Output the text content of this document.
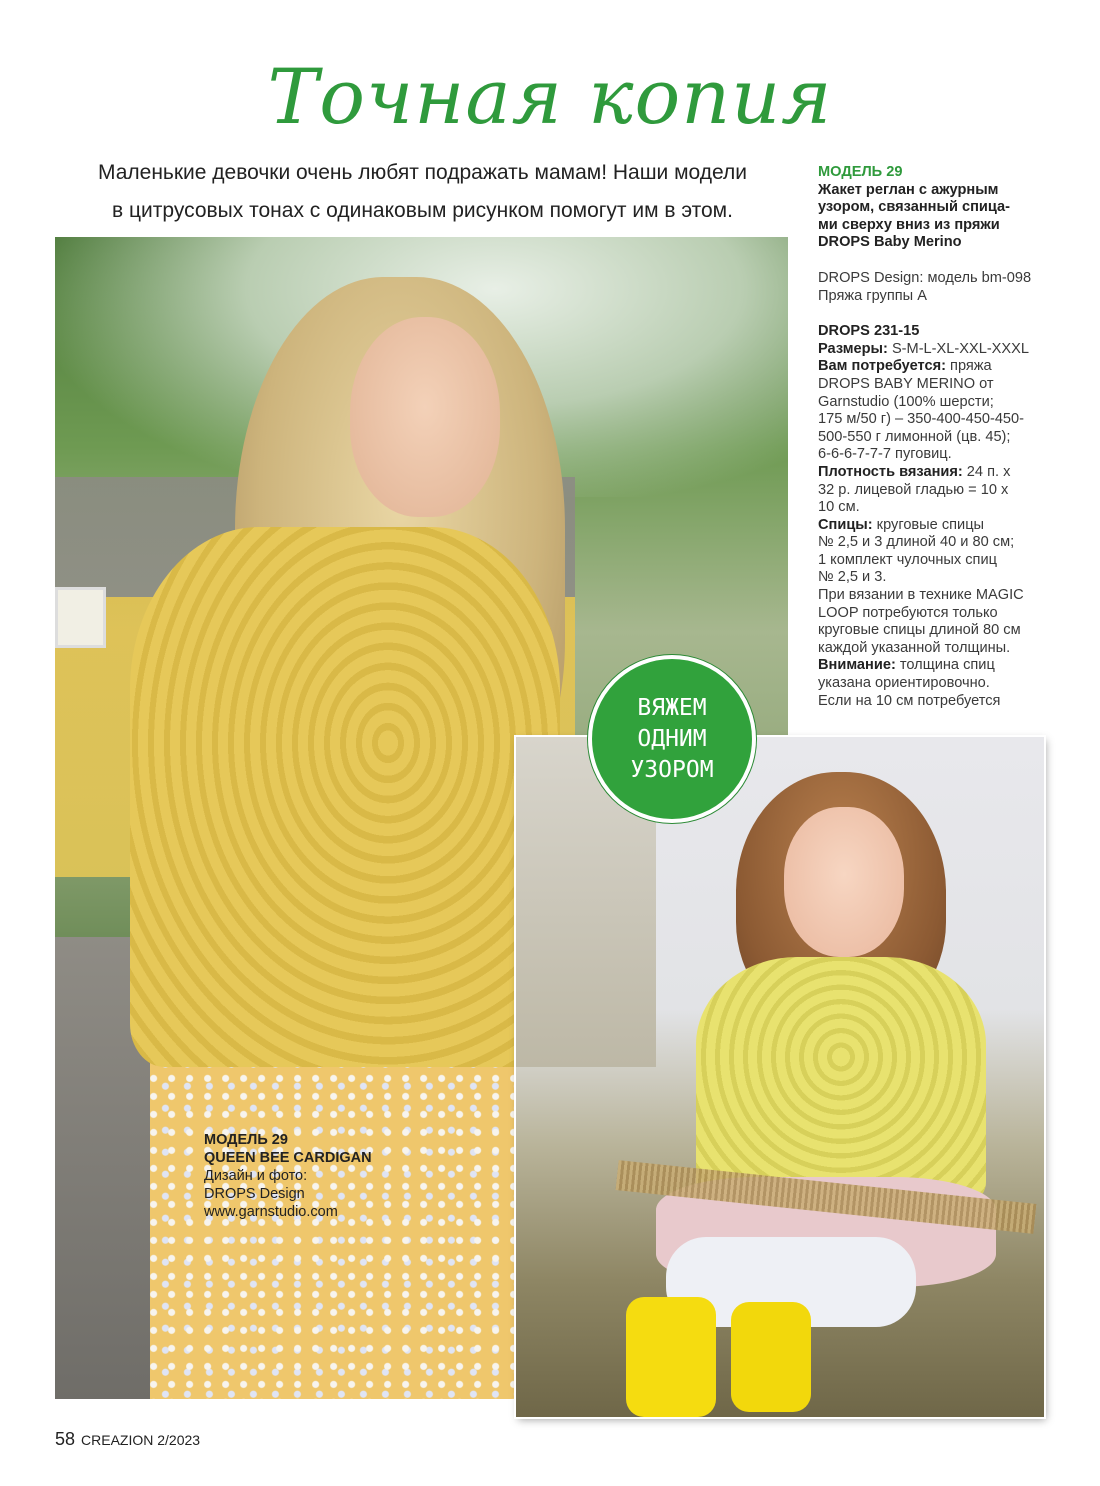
Точная копия
Маленькие девочки очень любят подражать мамам! Наши модели
в цитрусовых тонах с одинаковым рисунком помогут им в этом.

МОДЕЛЬ 29

Жакет реглан с ажурным

узором, связанный спица-

ми сверху вниз из пряжи

DROPS Baby Merino

DROPS Design: модель bm-098

Пряжа группы А

DROPS 231-15

Размеры: S-M-L-XL-XXL-XXXL

Вам потребуется: пряжа

DROPS BABY MERINO от

Garnstudio (100% шерсти;

175 м/50 г) – 350-400-450-450-

500-550 г лимонной (цв. 45);

6-6-6-7-7-7 пуговиц.

Плотность вязания: 24 п. х

32 р. лицевой гладью = 10 х

10 см.

Спицы: круговые спицы

№ 2,5 и 3 длиной 40 и 80 см;

1 комплект чулочных спиц

№ 2,5 и 3.

При вязании в технике MAGIC

LOOP потребуются только

круговые спицы длиной 80 см

каждой указанной толщины.

Внимание: толщина спиц

указана ориентировочно.

Если на 10 см потребуется

МОДЕЛЬ 29
QUEEN BEE CARDIGAN
Дизайн и фото:
DROPS Design
www.garnstudio.com
ВЯЖЕМ
ОДНИМ
УЗОРОМ
58 CREAZION 2/2023
